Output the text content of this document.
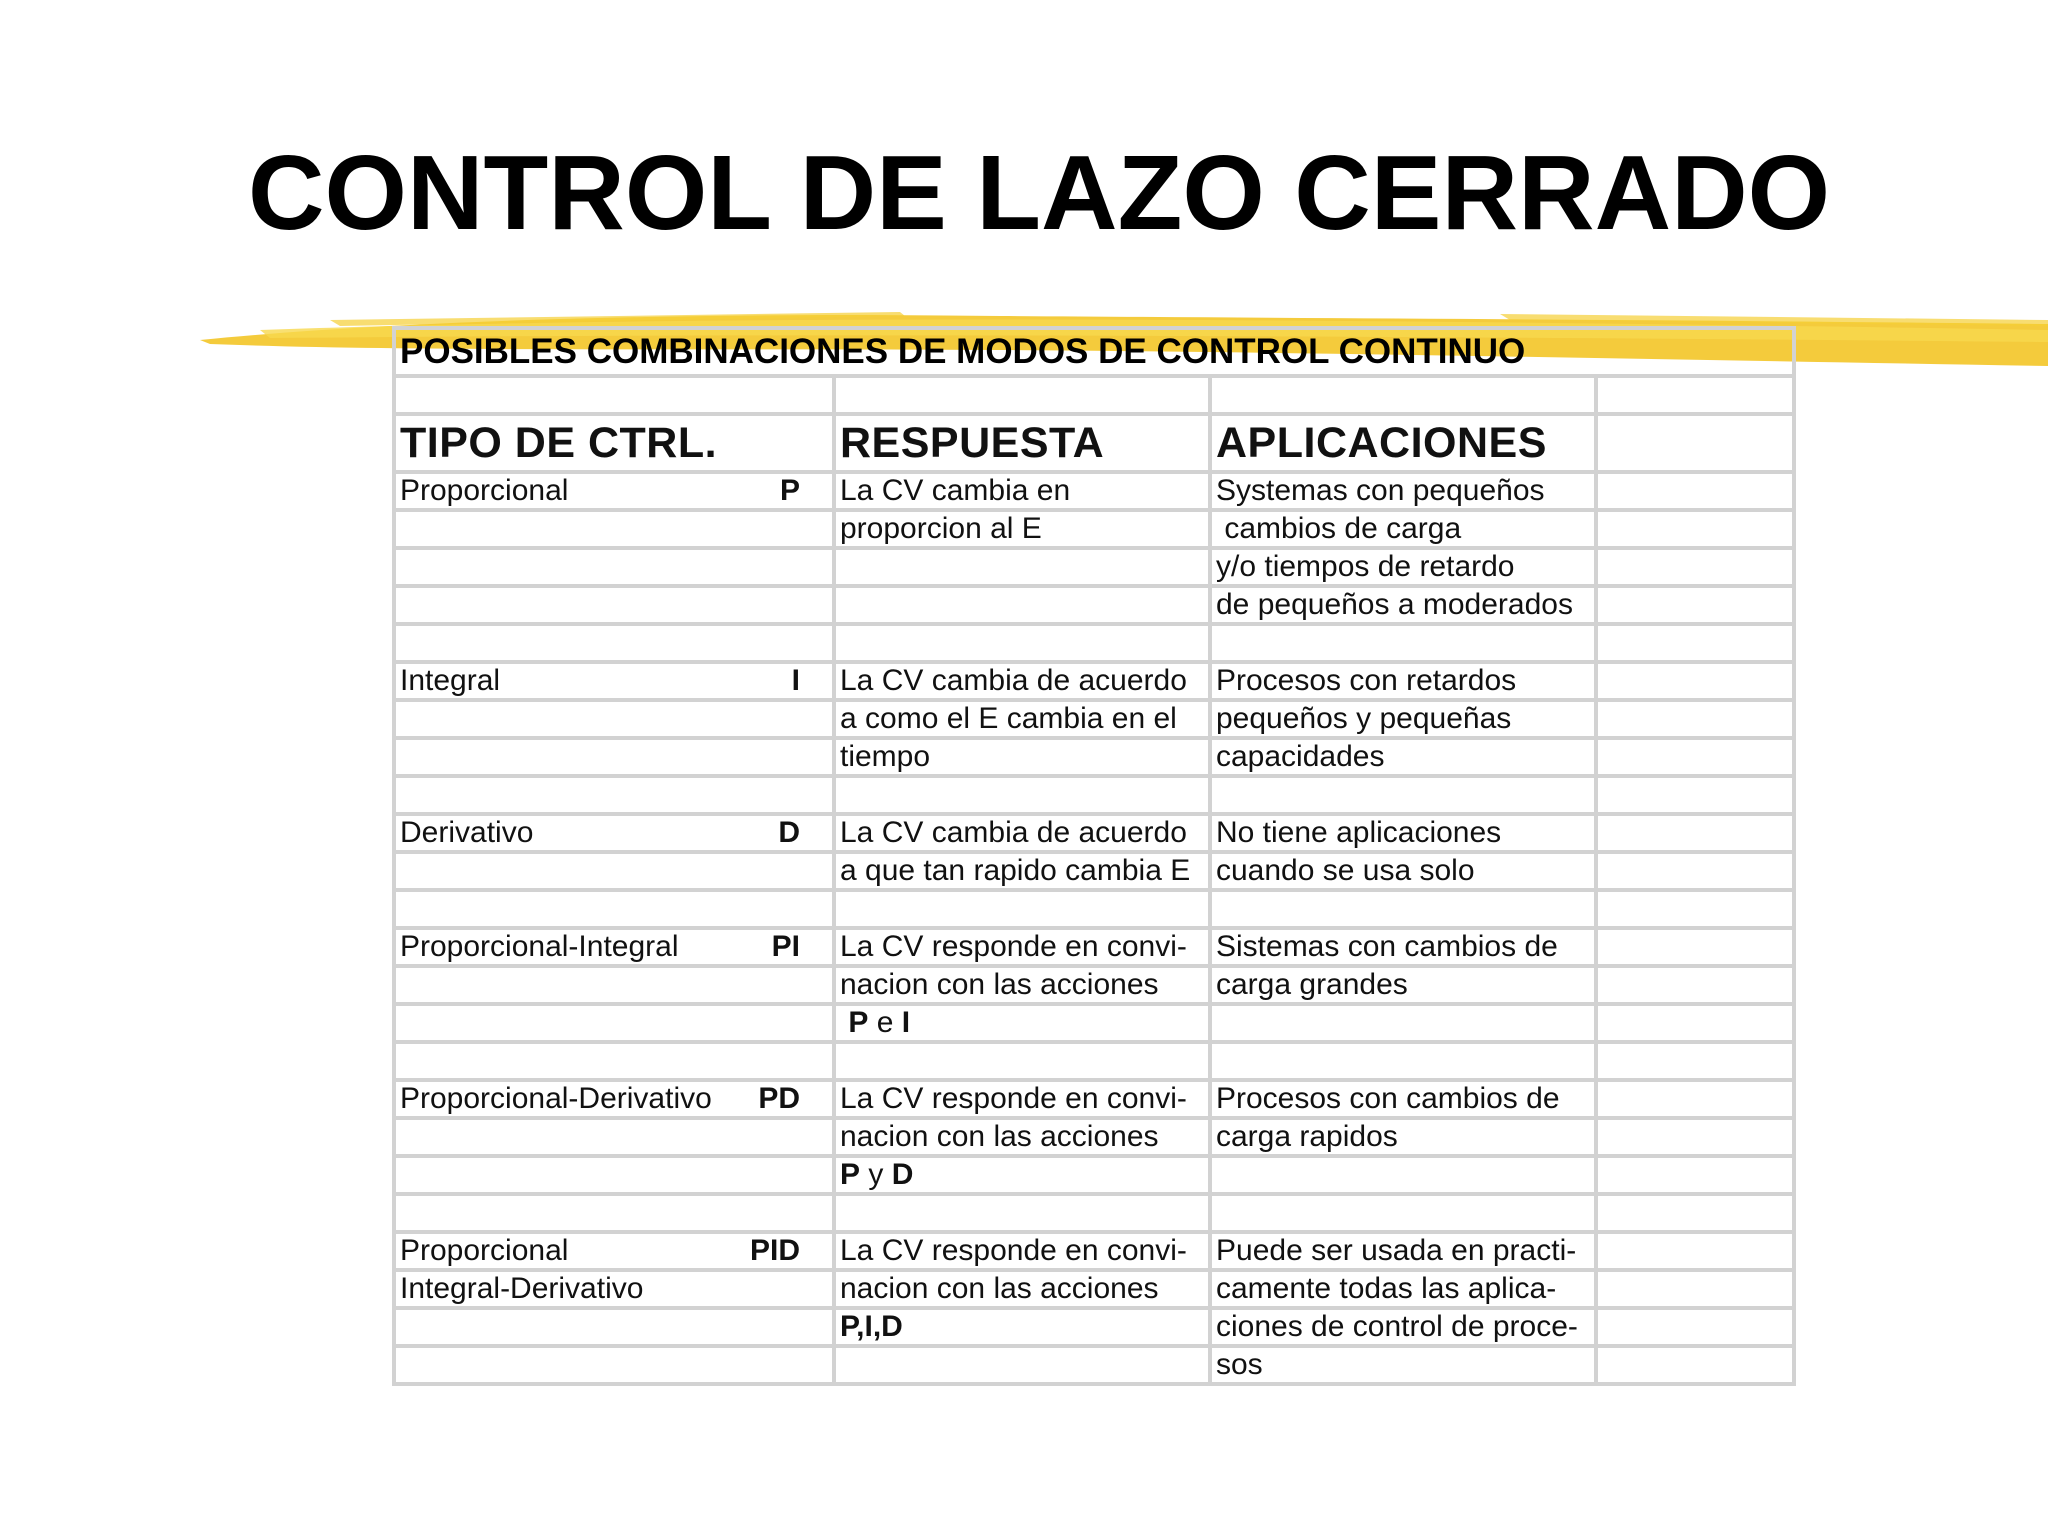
CONTROL DE LAZO CERRADO
POSIBLES COMBINACIONES DE MODOS DE CONTROL CONTINUO			

TIPO DE CTRL.	RESPUESTA	APLICACIONES	

Proporcional P	La CV cambia en	Systemas con pequeños	

	proporcion al E	cambios de carga	

		y/o tiempos de retardo	

		de pequeños a moderados	

Integral I	La CV cambia de acuerdo	Procesos con retardos	

	a como el E cambia en el	pequeños y pequeñas	

	tiempo	capacidades	

Derivativo D	La CV cambia de acuerdo	No tiene aplicaciones	

	a que tan rapido cambia E	cuando se usa solo	

Proporcional-Integral PI	La CV responde en convi-	Sistemas con cambios de	

	nacion con las acciones	carga grandes	

	P e I		

Proporcional-Derivativo PD	La CV responde en convi-	Procesos con cambios de	

	nacion con las acciones	carga rapidos	

	P y D		

Proporcional PID	La CV responde en convi-	Puede ser usada en practi-	

Integral-Derivativo	nacion con las acciones	camente todas las aplica-	

	P,I,D	ciones de control de proce-	

		sos	
